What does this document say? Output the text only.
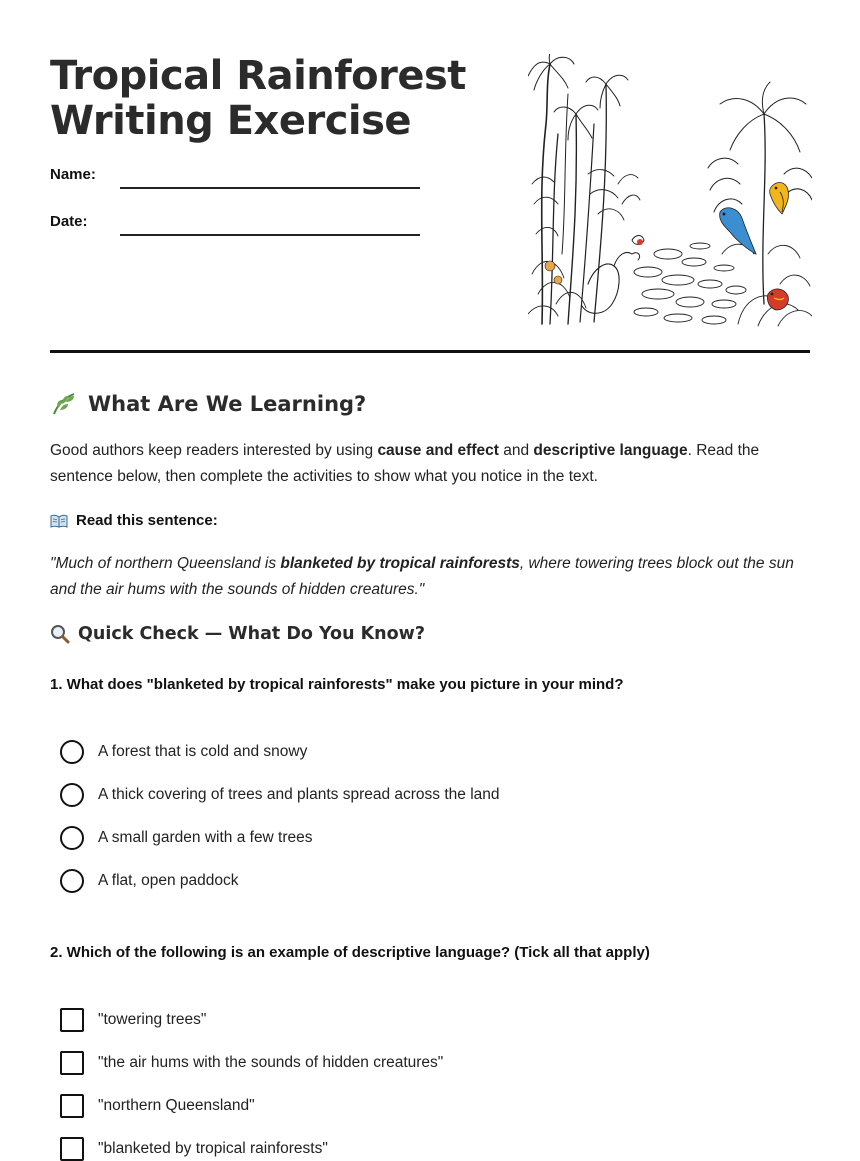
Tropical Rainforest
Writing Exercise
Name:
Date:
What Are We Learning?

Good authors keep readers interested by using cause and effect and descriptive language. Read the sentence below, then complete the activities to show what you notice in the text.

Read this sentence:

"Much of northern Queensland is blanketed by tropical rainforests, where towering trees block out the sun and the air hums with the sounds of hidden creatures."

Quick Check — What Do You Know?

1. What does "blanketed by tropical rainforests" make you picture in your mind?

A forest that is cold and snowy
A thick covering of trees and plants spread across the land
A small garden with a few trees
A flat, open paddock

2. Which of the following is an example of descriptive language? (Tick all that apply)

"towering trees"
"the air hums with the sounds of hidden creatures"
"northern Queensland"
"blanketed by tropical rainforests"
